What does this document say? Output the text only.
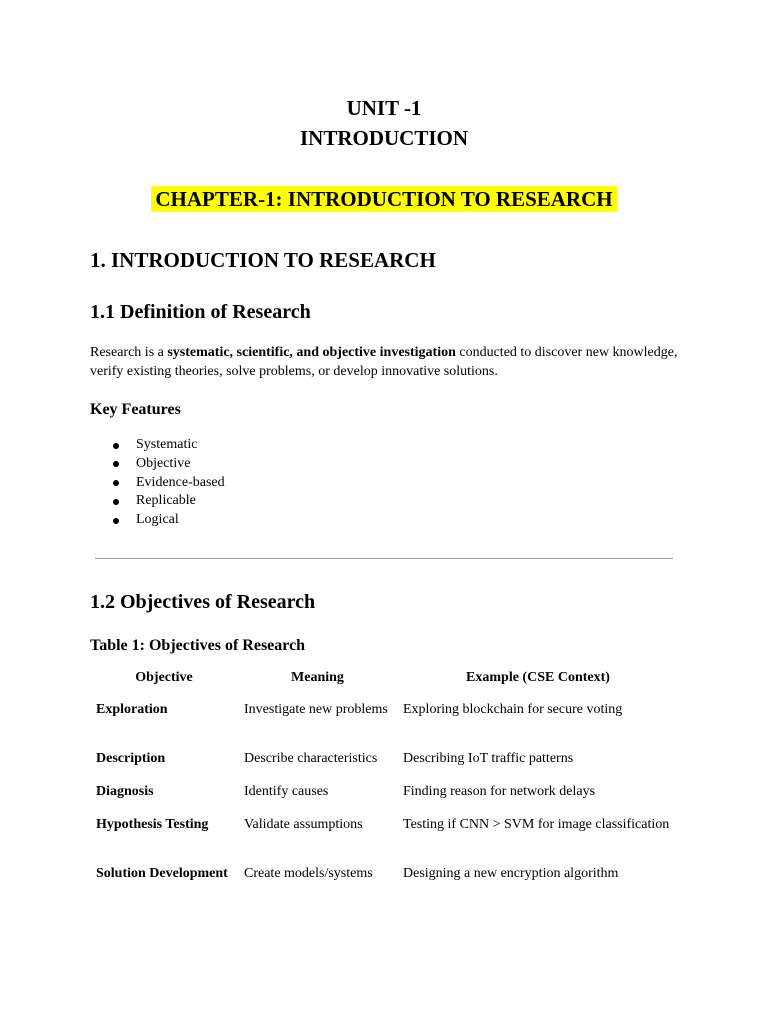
UNIT -1
INTRODUCTION
CHAPTER-1: INTRODUCTION TO RESEARCH
1. INTRODUCTION TO RESEARCH
1.1 Definition of Research

Research is a systematic, scientific, and objective investigation conducted to discover new knowledge, verify existing theories, solve problems, or develop innovative solutions.

Key Features
Systematic
Objective
Evidence-based
Replicable
Logical
1.2 Objectives of Research
Table 1: Objectives of Research
Objective	Meaning	Example (CSE Context)
Exploration	Investigate new problems	Exploring blockchain for secure voting
Description	Describe characteristics	Describing IoT traffic patterns
Diagnosis	Identify causes	Finding reason for network delays
Hypothesis Testing	Validate assumptions	Testing if CNN > SVM for image classification
Solution Development	Create models/systems	Designing a new encryption algorithm
